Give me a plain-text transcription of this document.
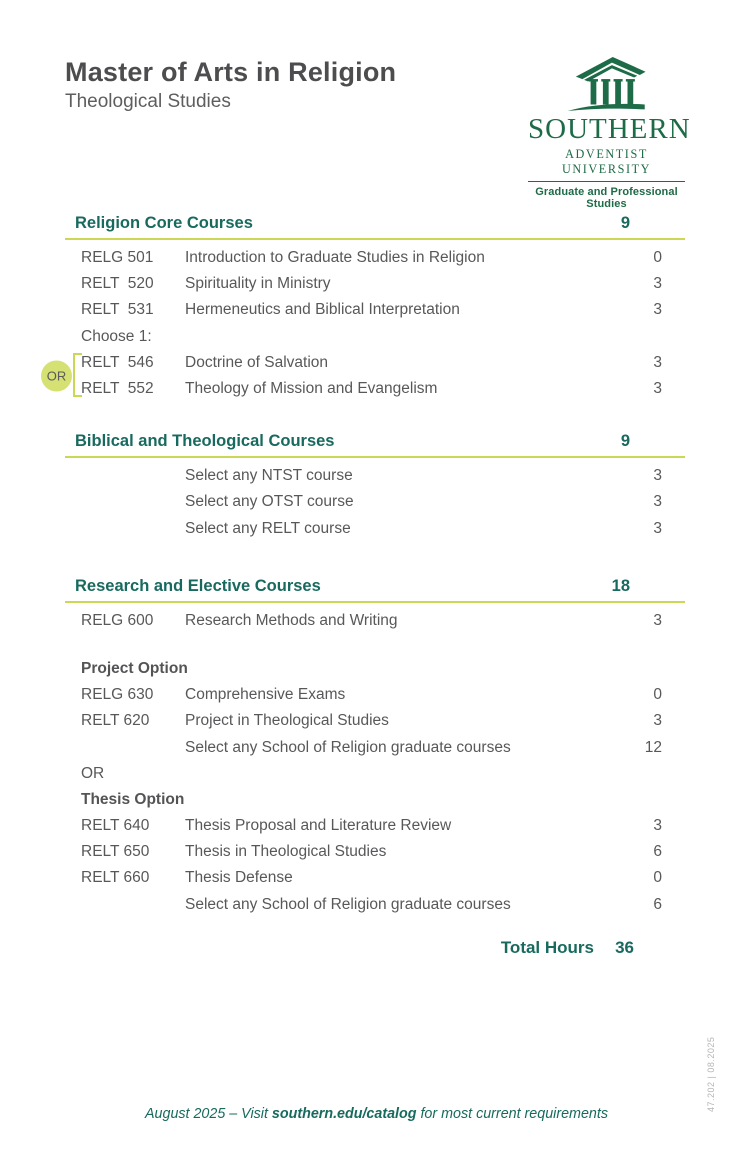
Master of Arts in Religion
Theological Studies
SOUTHERN
ADVENTIST UNIVERSITY
Graduate and Professional Studies
Religion Core Courses	9
RELG 501	Introduction to Graduate Studies in Religion	0
RELT  520	Spirituality in Ministry	3
RELT  531	Hermeneutics and Biblical Interpretation	3
Choose 1:
OR
RELT  546	Doctrine of Salvation	3
RELT  552	Theology of Mission and Evangelism	3
Biblical and Theological Courses	9
Select any NTST course	3
Select any OTST course	3
Select any RELT course	3
Research and Elective Courses	18
RELG 600	Research Methods and Writing	3
Project Option
RELG 630	Comprehensive Exams	0
RELT 620	Project in Theological Studies	3
Select any School of Religion graduate courses	12
OR
Thesis Option
RELT 640	Thesis Proposal and Literature Review	3
RELT 650	Thesis in Theological Studies	6
RELT 660	Thesis Defense	0
Select any School of Religion graduate courses	6
Total Hours	36
August 2025 – Visit southern.edu/catalog for most current requirements
47.202 | 08.2025
